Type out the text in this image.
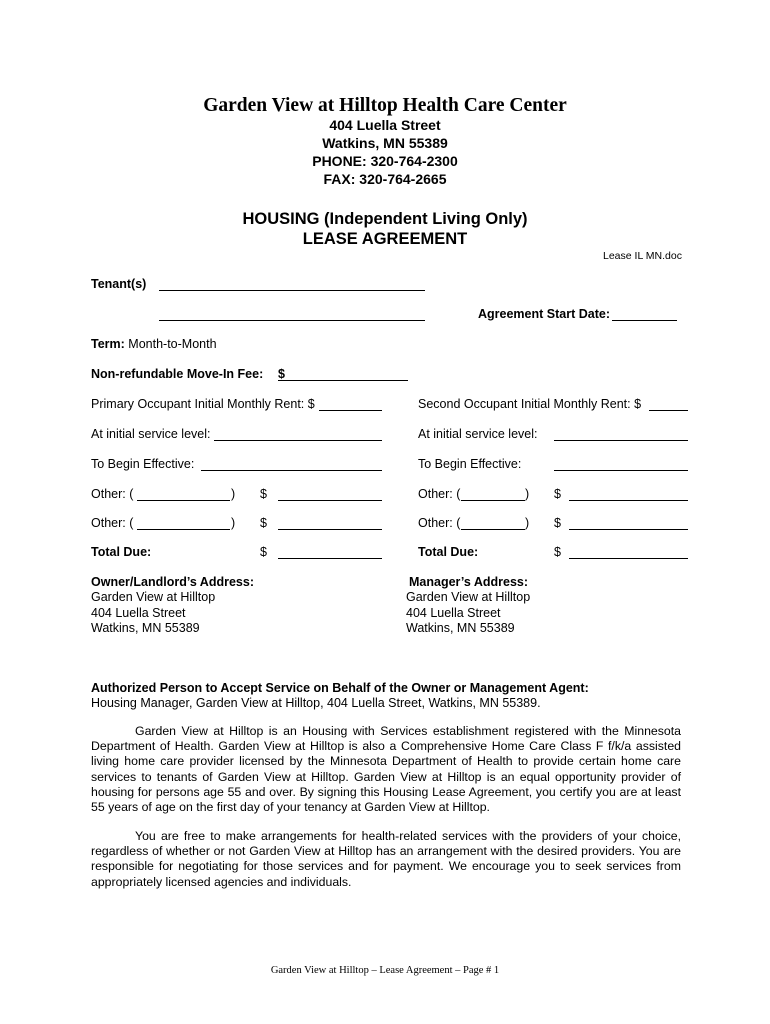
Garden View at Hilltop Health Care Center
404 Luella Street
Watkins, MN 55389
PHONE: 320-764-2300
FAX: 320-764-2665
HOUSING (Independent Living Only)
LEASE AGREEMENT
Lease IL MN.doc
Tenant(s)
Agreement Start Date:
Term: Month-to-Month
Non-refundable Move-In Fee: $
Primary Occupant Initial Monthly Rent: $	Second Occupant Initial Monthly Rent: $
At initial service level:	At initial service level:
To Begin Effective:	To Begin Effective:
Other: (	) $	Other: (	) $
Other: (	) $	Other: (	) $
Total Due:	$	Total Due:	$
Owner/Landlord’s Address:
Garden View at Hilltop
404 Luella Street
Watkins, MN 55389
Manager’s Address:
Garden View at Hilltop
404 Luella Street
Watkins, MN 55389
Authorized Person to Accept Service on Behalf of the Owner or Management Agent:
Housing Manager, Garden View at Hilltop, 404 Luella Street, Watkins, MN 55389.

Garden View at Hilltop is an Housing with Services establishment registered with the Minnesota Department of Health. Garden View at Hilltop is also a Comprehensive Home Care Class F f/k/a assisted living home care provider licensed by the Minnesota Department of Health to provide certain home care services to tenants of Garden View at Hilltop. Garden View at Hilltop is an equal opportunity provider of housing for persons age 55 and over. By signing this Housing Lease Agreement, you certify you are at least 55 years of age on the first day of your tenancy at Garden View at Hilltop.

You are free to make arrangements for health-related services with the providers of your choice, regardless of whether or not Garden View at Hilltop has an arrangement with the desired providers. You are responsible for negotiating for those services and for payment. We encourage you to seek services from appropriately licensed agencies and individuals.

Garden View at Hilltop – Lease Agreement – Page # 1
